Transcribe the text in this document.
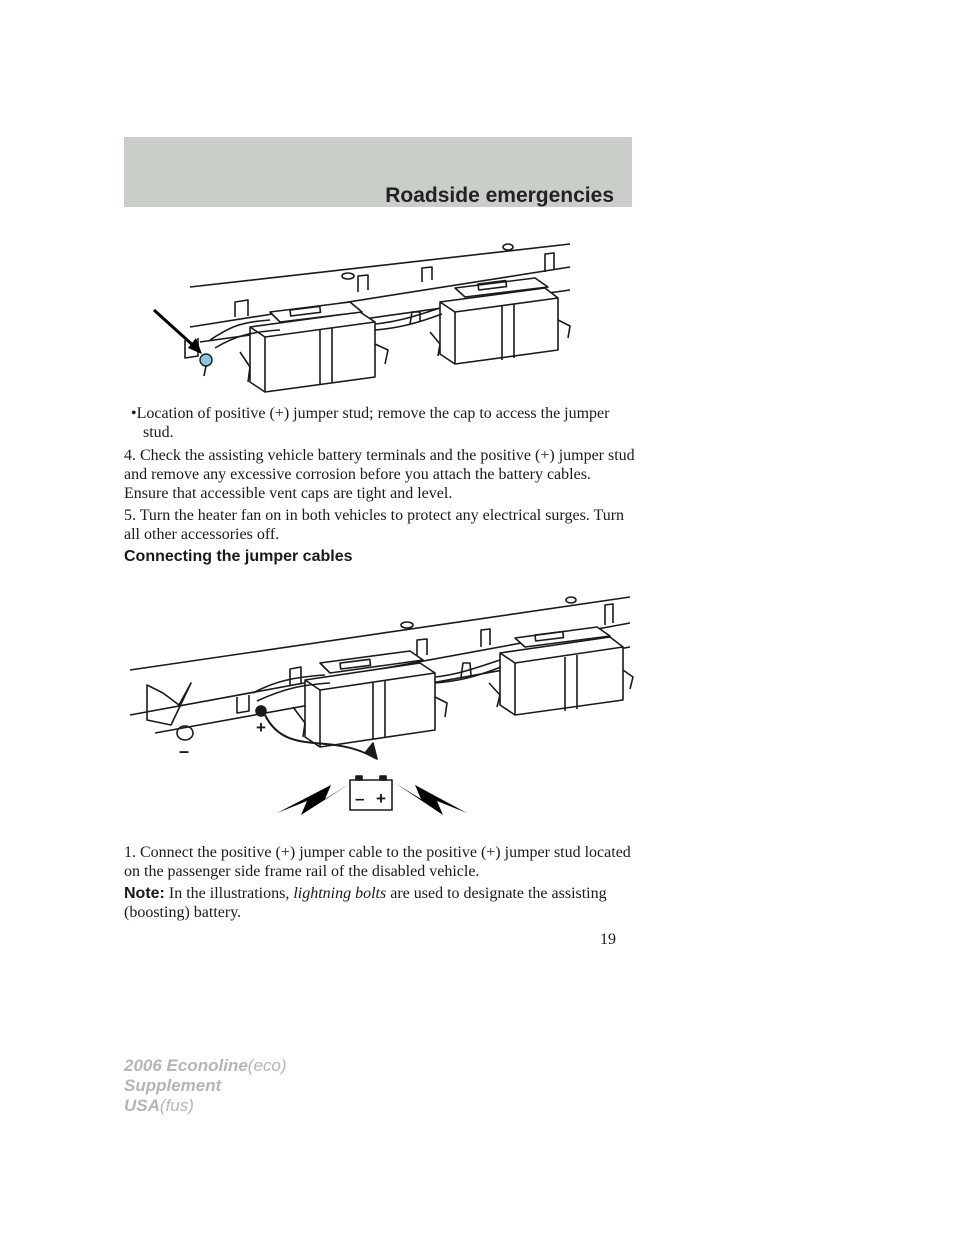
Roadside emergencies

•Location of positive (+) jumper stud; remove the cap to access the jumper stud.

4. Check the assisting vehicle battery terminals and the positive (+) jumper stud and remove any excessive corrosion before you attach the battery cables. Ensure that accessible vent caps are tight and level.

5. Turn the heater fan on in both vehicles to protect any electrical surges. Turn all other accessories off.

Connecting the jumper cables
+
–
– +

1. Connect the positive (+) jumper cable to the positive (+) jumper stud located on the passenger side frame rail of the disabled vehicle.

Note: In the illustrations, lightning bolts are used to designate the assisting (boosting) battery.

19
2006 Econoline(eco)
Supplement
USA(fus)
